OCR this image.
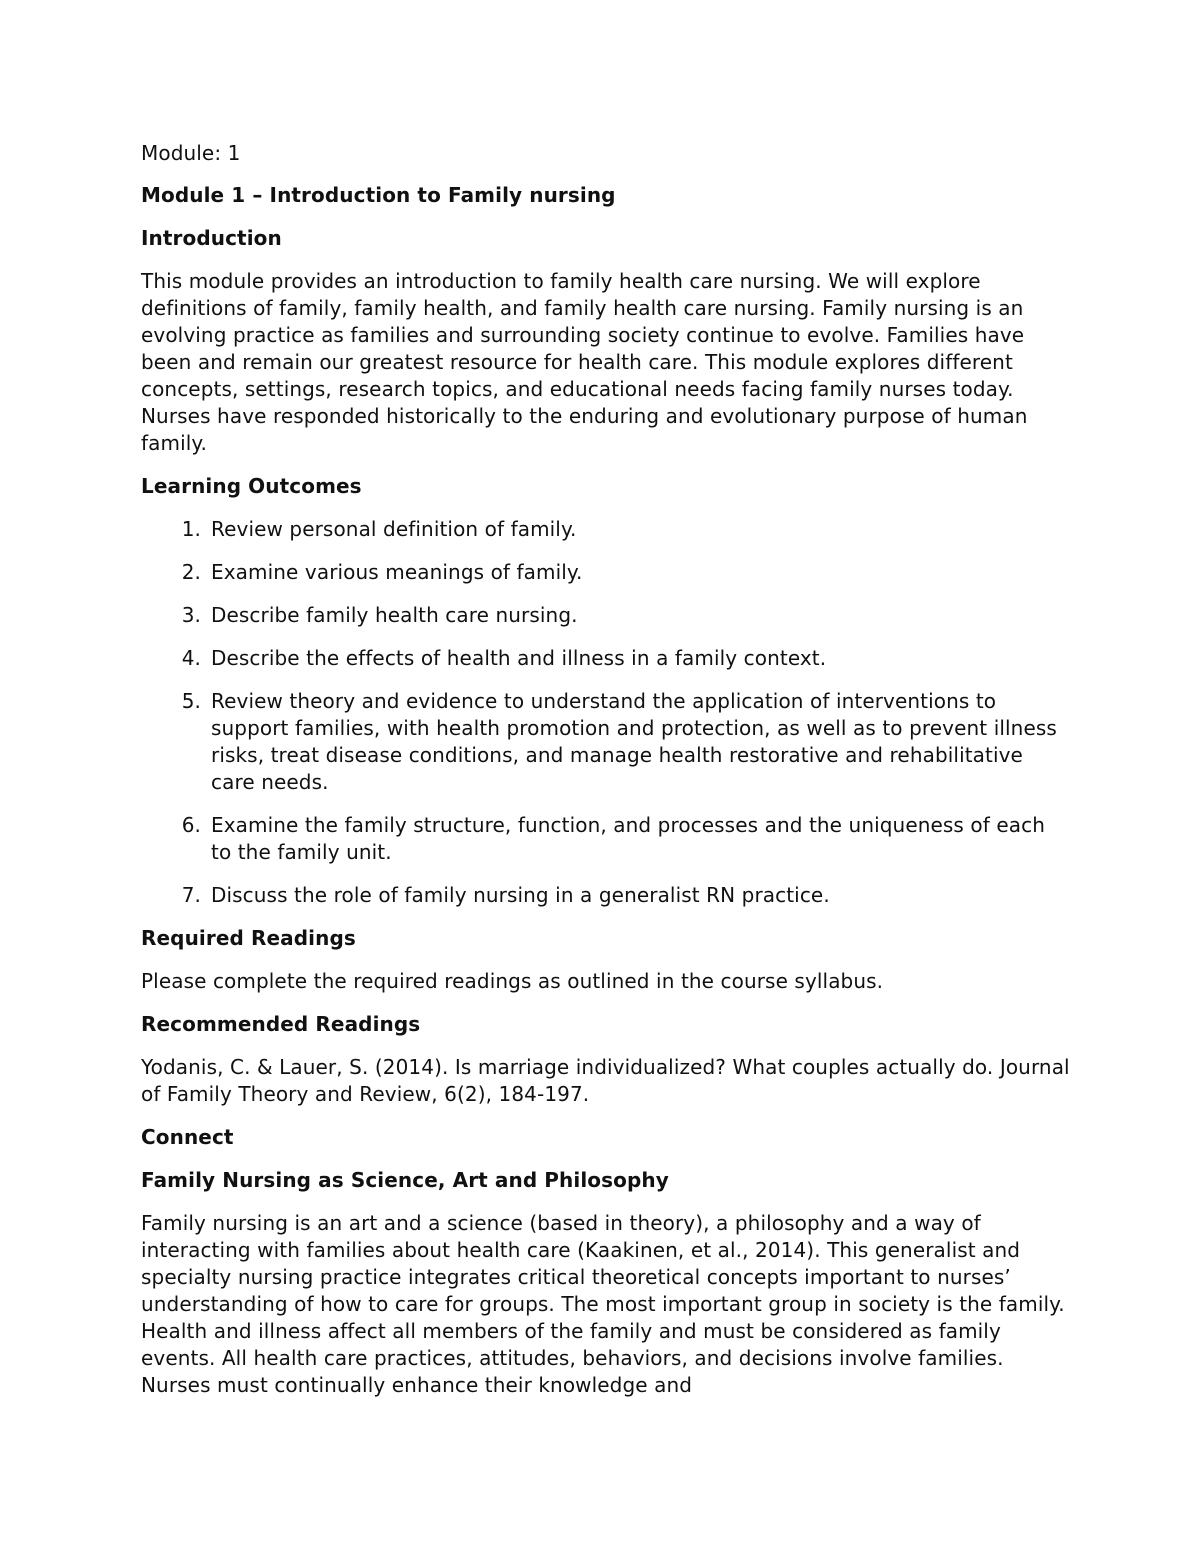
Module: 1

Module 1 – Introduction to Family nursing
Introduction

This module provides an introduction to family health care nursing. We will explore definitions of family, family health, and family health care nursing. Family nursing is an evolving practice as families and surrounding society continue to evolve. Families have been and remain our greatest resource for health care. This module explores different concepts, settings, research topics, and educational needs facing family nurses today. Nurses have responded historically to the enduring and evolutionary purpose of human family.

Learning Outcomes
1. Review personal definition of family.
2. Examine various meanings of family.
3. Describe family health care nursing.
4. Describe the effects of health and illness in a family context.
5. Review theory and evidence to understand the application of interventions to support families, with health promotion and protection, as well as to prevent illness risks, treat disease conditions, and manage health restorative and rehabilitative care needs.
6. Examine the family structure, function, and processes and the uniqueness of each to the family unit.
7. Discuss the role of family nursing in a generalist RN practice.
Required Readings

Please complete the required readings as outlined in the course syllabus.

Recommended Readings

Yodanis, C. & Lauer, S. (2014). Is marriage individualized? What couples actually do. Journal of Family Theory and Review, 6(2), 184-197.

Connect
Family Nursing as Science, Art and Philosophy

Family nursing is an art and a science (based in theory), a philosophy and a way of interacting with families about health care (Kaakinen, et al., 2014). This generalist and specialty nursing practice integrates critical theoretical concepts important to nurses’ understanding of how to care for groups. The most important group in society is the family. Health and illness affect all members of the family and must be considered as family events. All health care practices, attitudes, behaviors, and decisions involve families. Nurses must continually enhance their knowledge and
